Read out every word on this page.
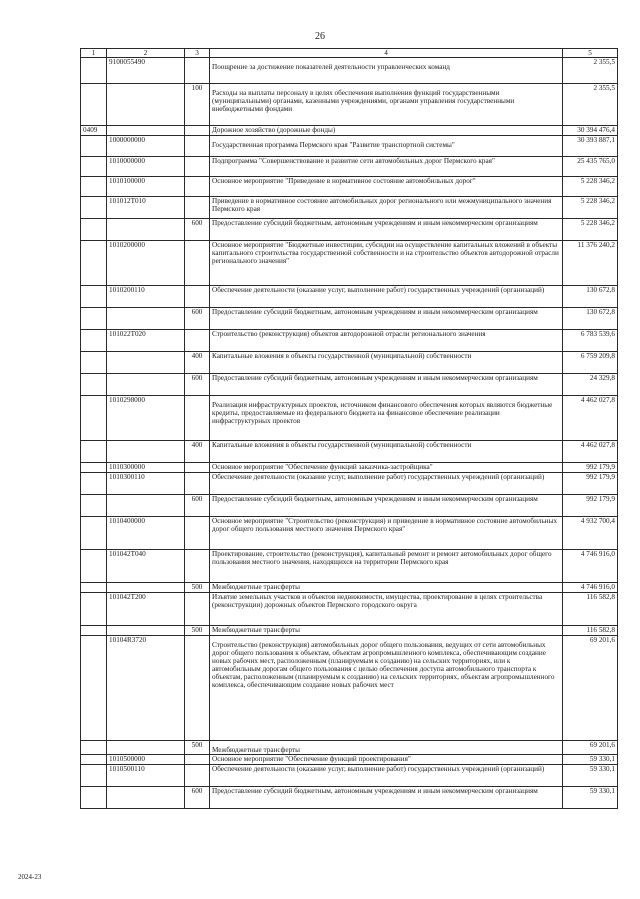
26
1	2	3	4	5
	9100055490		Поощрение за достижение показателей деятельности управленческих команд	2 355,5
		100	Расходы на выплаты персоналу в целях обеспечения выполнения функций государственными (муниципальными) органами, казенными учреждениями, органами управления государственными внебюджетными фондами	2 355,5
0409			Дорожное хозяйство (дорожные фонды)	30 394 476,4
	1000000000		Государственная программа Пермского края "Развитие транспортной системы"	30 393 887,1
	1010000000		Подпрограмма "Совершенствование и развитие сети автомобильных дорог Пермского края"	25 435 765,0
	1010100000		Основное мероприятие "Приведение в нормативное состояние автомобильных дорог"	5 228 346,2
	101012Т010		Приведение в нормативное состояние автомобильных дорог регионального или межмуниципального значения Пермского края	5 228 346,2
		600	Предоставление субсидий бюджетным, автономным учреждениям и иным некоммерческим организациям	5 228 346,2
	1010200000		Основное мероприятие "Бюджетные инвестиции, субсидии на осуществление капитальных вложений в объекты капитального строительства государственной собственности и на строительство объектов автодорожной отрасли регионального значения"	11 376 240,2
	1010200110		Обеспечение деятельности (оказание услуг, выполнение работ) государственных учреждений (организаций)	130 672,8
		600	Предоставление субсидий бюджетным, автономным учреждениям и иным некоммерческим организациям	130 672,8
	101022Т020		Строительство (реконструкция) объектов автодорожной отрасли регионального значения	6 783 539,6
		400	Капитальные вложения в объекты государственной (муниципальной) собственности	6 759 209,8
		600	Предоставление субсидий бюджетным, автономным учреждениям и иным некоммерческим организациям	24 329,8
	1010298000		Реализация инфраструктурных проектов, источником финансового обеспечения которых являются бюджетные кредиты, предоставляемые из федерального бюджета на финансовое обеспечение реализации инфраструктурных проектов	4 462 027,8
		400	Капитальные вложения в объекты государственной (муниципальной) собственности	4 462 027,8
	1010300000		Основное мероприятие "Обеспечение функций заказчика-застройщика"	992 179,9
	1010300110		Обеспечение деятельности (оказание услуг, выполнение работ) государственных учреждений (организаций)	992 179,9
		600	Предоставление субсидий бюджетным, автономным учреждениям и иным некоммерческим организациям	992 179,9
	1010400000		Основное мероприятие "Строительство (реконструкция) и приведение в нормативное состояние автомобильных дорог общего пользования местного значения Пермского края"	4 932 700,4
	101042Т040		Проектирование, строительство (реконструкция), капитальный ремонт и ремонт автомобильных дорог общего пользования местного значения, находящихся на территории Пермского края	4 746 916,0
		500	Межбюджетные трансферты	4 746 916,0
	101042Т200		Изъятие земельных участков и объектов недвижимости, имущества, проектирование в целях строительства (реконструкции) дорожных объектов Пермского городского округа	116 582,8
		500	Межбюджетные трансферты	116 582,8
	10104R3720		Строительство (реконструкция) автомобильных дорог общего пользования, ведущих от сети автомобильных дорог общего пользования к объектам, объектам агропромышленного комплекса, обеспечивающим создание новых рабочих мест, расположенным (планируемым к созданию) на сельских территориях, или к автомобильным дорогам общего пользования с целью обеспечения доступа автомобильного транспорта к объектам, расположенным (планируемым к созданию) на сельских территориях, объектам агропромышленного комплекса, обеспечивающим создание новых рабочих мест	69 201,6
		500	Межбюджетные трансферты	69 201,6
	1010500000		Основное мероприятие "Обеспечение функций проектирования"	59 330,1
	1010500110		Обеспечение деятельности (оказание услуг, выполнение работ) государственных учреждений (организаций)	59 330,1
		600	Предоставление субсидий бюджетным, автономным учреждениям и иным некоммерческим организациям	59 330,1
2024-23
